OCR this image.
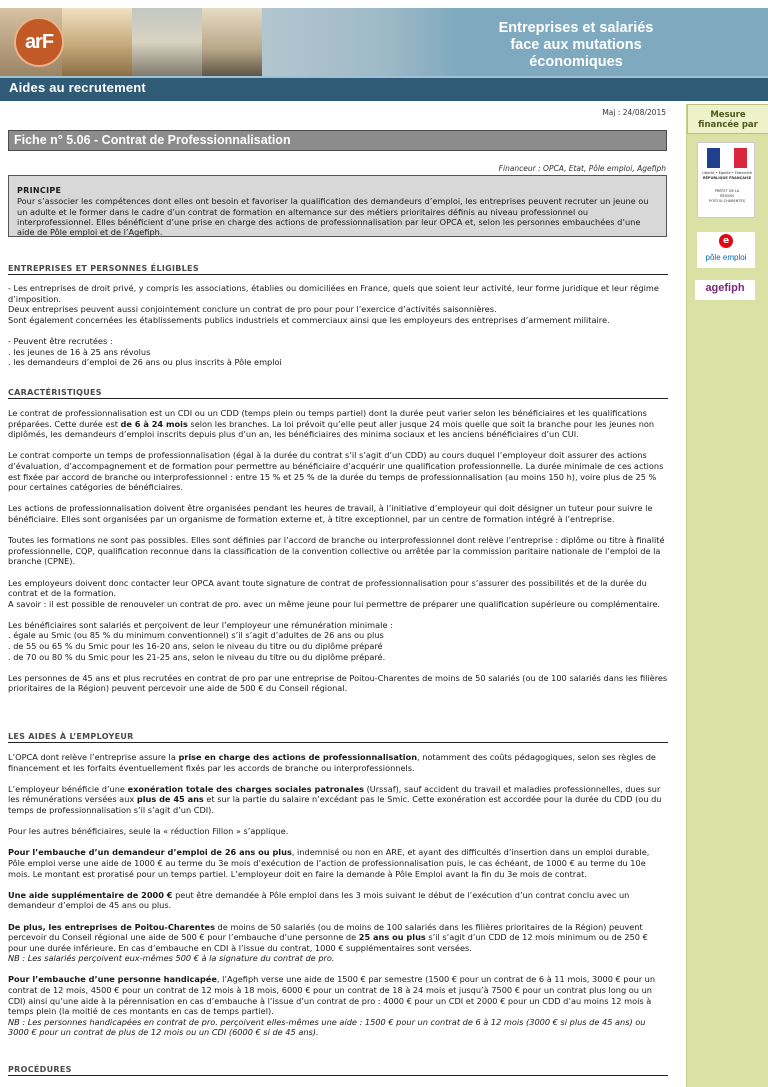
arF
Entreprises et salariés
face aux mutations
économiques
Aides au recrutement
Mesure
financée par
Liberté • Égalité • Fraternité
RÉPUBLIQUE FRANÇAISE
PRÉFET DE LA
RÉGION
POITOU-CHARENTES
e
pôle emploi
agefiph
Maj : 24/08/2015
Fiche n° 5.06 - Contrat de Professionnalisation
Financeur : OPCA, Etat, Pôle emploi, Agefiph
PRINCIPE
Pour s’associer les compétences dont elles ont besoin et favoriser la qualification des demandeurs d’emploi, les entreprises peuvent recruter un jeune ou un adulte et le former dans le cadre d’un contrat de formation en alternance sur des métiers prioritaires définis au niveau professionnel ou interprofessionnel. Elles bénéficient d’une prise en charge des actions de professionnalisation par leur OPCA et, selon les personnes embauchées d’une aide de Pôle emploi et de l’Agefiph.
ENTREPRISES ET PERSONNES ÉLIGIBLES
- Les entreprises de droit privé, y compris les associations, établies ou domiciliées en France, quels que soient leur activité, leur forme juridique et leur régime d’imposition.
Deux entreprises peuvent aussi conjointement conclure un contrat de pro pour pour l’exercice d’activités saisonnières.
Sont également concernées les établissements publics industriels et commerciaux ainsi que les employeurs des entreprises d’armement militaire.
- Peuvent être recrutées :
. les jeunes de 16 à 25 ans révolus
. les demandeurs d’emploi de 26 ans ou plus inscrits à Pôle emploi
CARACTÉRISTIQUES
Le contrat de professionnalisation est un CDI ou un CDD (temps plein ou temps partiel) dont la durée peut varier selon les bénéficiaires et les qualifications préparées. Cette durée est de 6 à 24 mois selon les branches. La loi prévoit qu’elle peut aller jusque 24 mois quelle que soit la branche pour les jeunes non diplômés, les demandeurs d’emploi inscrits depuis plus d’un an, les bénéficiaires des minima sociaux et les anciens bénéficiaires d’un CUI.
Le contrat comporte un temps de professionnalisation (égal à la durée du contrat s’il s’agit d’un CDD) au cours duquel l’employeur doit assurer des actions d’évaluation, d’accompagnement et de formation pour permettre au bénéficiaire d’acquérir une qualification professionnelle. La durée minimale de ces actions est fixée par accord de branche ou interprofessionnel : entre 15 % et 25 % de la durée du temps de professionnalisation (au moins 150 h), voire plus de 25 % pour certaines catégories de bénéficiaires.
Les actions de professionnalisation doivent être organisées pendant les heures de travail, à l’initiative d’employeur qui doit désigner un tuteur pour suivre le bénéficiaire. Elles sont organisées par un organisme de formation externe et, à titre exceptionnel, par un centre de formation intégré à l’entreprise.
Toutes les formations ne sont pas possibles. Elles sont définies par l’accord de branche ou interprofessionnel dont relève l’entreprise : diplôme ou titre à finalité professionnelle, CQP, qualification reconnue dans la classification de la convention collective ou arrêtée par la commission paritaire nationale de l’emploi de la branche (CPNE).
Les employeurs doivent donc contacter leur OPCA avant toute signature de contrat de professionnalisation pour s’assurer des possibilités et de la durée du contrat et de la formation.
A savoir : il est possible de renouveler un contrat de pro. avec un même jeune pour lui permettre de préparer une qualification supérieure ou complémentaire.
Les bénéficiaires sont salariés et perçoivent de leur l’employeur une rémunération minimale :
. égale au Smic (ou 85 % du minimum conventionnel) s’il s’agit d’adultes de 26 ans ou plus
. de 55 ou 65 % du Smic pour les 16-20 ans, selon le niveau du titre ou du diplôme préparé
. de 70 ou 80 % du Smic pour les 21-25 ans, selon le niveau du titre ou du diplôme préparé.
Les personnes de 45 ans et plus recrutées en contrat de pro par une entreprise de Poitou-Charentes de moins de 50 salariés (ou de 100 salariés dans les filières prioritaires de la Région) peuvent percevoir une aide de 500 € du Conseil régional.
LES AIDES À L’EMPLOYEUR
L’OPCA dont relève l’entreprise assure la prise en charge des actions de professionnalisation, notamment des coûts pédagogiques, selon ses règles de financement et les forfaits éventuellement fixés par les accords de branche ou interprofessionnels.
L’employeur bénéficie d’une exonération totale des charges sociales patronales (Urssaf), sauf accident du travail et maladies professionnelles, dues sur les rémunérations versées aux plus de 45 ans et sur la partie du salaire n’excédant pas le Smic. Cette exonération est accordée pour la durée du CDD (ou du temps de professionnalisation s’il s’agit d’un CDI).
Pour les autres bénéficiaires, seule la « réduction Fillon » s’applique.
Pour l’embauche d’un demandeur d’emploi de 26 ans ou plus, indemnisé ou non en ARE, et ayant des difficultés d’insertion dans un emploi durable, Pôle emploi verse une aide de 1000 € au terme du 3e mois d’exécution de l’action de professionnalisation puis, le cas échéant, de 1000 € au terme du 10e mois. Le montant est proratisé pour un temps partiel. L’employeur doit en faire la demande à Pôle Emploi avant la fin du 3e mois de contrat.
Une aide supplémentaire de 2000 € peut être demandée à Pôle emploi dans les 3 mois suivant le début de l’exécution d’un contrat conclu avec un demandeur d’emploi de 45 ans ou plus.
De plus, les entreprises de Poitou-Charentes de moins de 50 salariés (ou de moins de 100 salariés dans les filières prioritaires de la Région) peuvent percevoir du Conseil régional une aide de 500 € pour l’embauche d’une personne de 25 ans ou plus s’il s’agit d’un CDD de 12 mois minimum ou de 250 € pour une durée inférieure. En cas d’embauche en CDI à l’issue du contrat, 1000 € supplémentaires sont versées.
NB : Les salariés perçoivent eux-mêmes 500 € à la signature du contrat de pro.
Pour l’embauche d’une personne handicapée, l’Agefiph verse une aide de 1500 € par semestre (1500 € pour un contrat de 6 à 11 mois, 3000 € pour un contrat de 12 mois, 4500 € pour un contrat de 12 mois à 18 mois, 6000 € pour un contrat de 18 à 24 mois et jusqu’à 7500 € pour un contrat plus long ou un CDI) ainsi qu’une aide à la pérennisation en cas d’embauche à l’issue d’un contrat de pro : 4000 € pour un CDI et 2000 € pour un CDD d’au moins 12 mois à temps plein (la moitié de ces montants en cas de temps partiel).
NB : Les personnes handicapées en contrat de pro. perçoivent elles-mêmes une aide : 1500 € pour un contrat de 6 à 12 mois (3000 € si plus de 45 ans) ou 3000 € pour un contrat de plus de 12 mois ou un CDI (6000 € si de 45 ans).
PROCÉDURES
